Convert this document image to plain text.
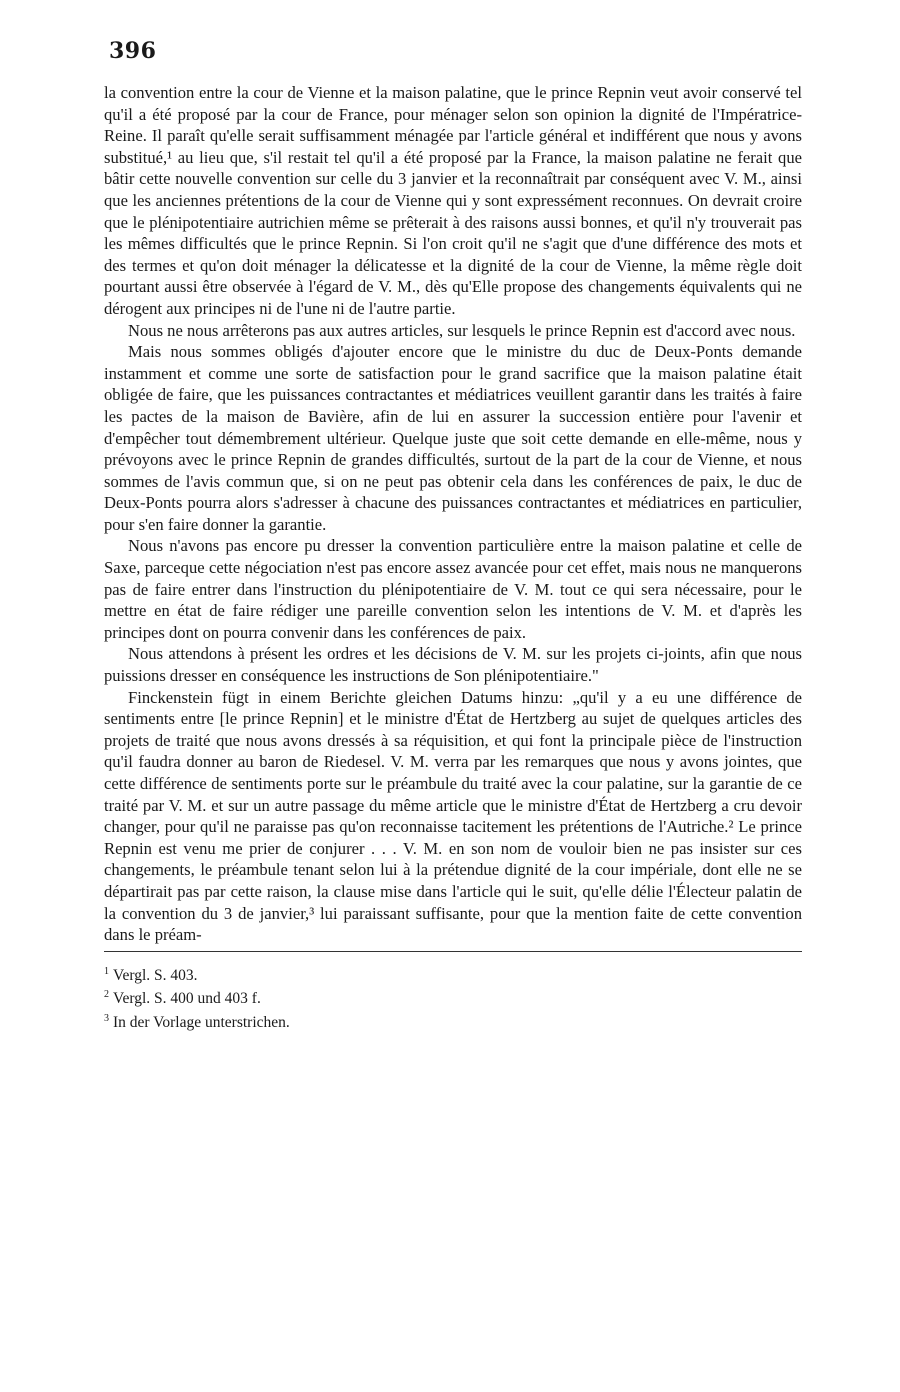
396

la convention entre la cour de Vienne et la maison palatine, que le prince Repnin veut avoir conservé tel qu'il a été proposé par la cour de France, pour ménager selon son opinion la dignité de l'Impératrice-Reine. Il paraît qu'elle serait suffisamment ménagée par l'article général et indifférent que nous y avons substitué,¹ au lieu que, s'il restait tel qu'il a été proposé par la France, la maison palatine ne ferait que bâtir cette nouvelle convention sur celle du 3 janvier et la reconnaîtrait par conséquent avec V. M., ainsi que les anciennes prétentions de la cour de Vienne qui y sont expressément reconnues. On devrait croire que le plénipotentiaire autrichien même se prêterait à des raisons aussi bonnes, et qu'il n'y trouverait pas les mêmes difficultés que le prince Repnin. Si l'on croit qu'il ne s'agit que d'une différence des mots et des termes et qu'on doit ménager la délicatesse et la dignité de la cour de Vienne, la même règle doit pourtant aussi être observée à l'égard de V. M., dès qu'Elle propose des changements équivalents qui ne dérogent aux principes ni de l'une ni de l'autre partie.

Nous ne nous arrêterons pas aux autres articles, sur lesquels le prince Repnin est d'accord avec nous.

Mais nous sommes obligés d'ajouter encore que le ministre du duc de Deux-Ponts demande instamment et comme une sorte de satisfaction pour le grand sacrifice que la maison palatine était obligée de faire, que les puissances contractantes et médiatrices veuillent garantir dans les traités à faire les pactes de la maison de Bavière, afin de lui en assurer la succession entière pour l'avenir et d'empêcher tout démembrement ultérieur. Quelque juste que soit cette demande en elle-même, nous y prévoyons avec le prince Repnin de grandes difficultés, surtout de la part de la cour de Vienne, et nous sommes de l'avis commun que, si on ne peut pas obtenir cela dans les conférences de paix, le duc de Deux-Ponts pourra alors s'adresser à chacune des puissances contractantes et médiatrices en particulier, pour s'en faire donner la garantie.

Nous n'avons pas encore pu dresser la convention particulière entre la maison palatine et celle de Saxe, parceque cette négociation n'est pas encore assez avancée pour cet effet, mais nous ne manquerons pas de faire entrer dans l'instruction du plénipotentiaire de V. M. tout ce qui sera nécessaire, pour le mettre en état de faire rédiger une pareille convention selon les intentions de V. M. et d'après les principes dont on pourra convenir dans les conférences de paix.

Nous attendons à présent les ordres et les décisions de V. M. sur les projets ci-joints, afin que nous puissions dresser en conséquence les instructions de Son plénipotentiaire."

Finckenstein fügt in einem Berichte gleichen Datums hinzu: „qu'il y a eu une différence de sentiments entre [le prince Repnin] et le ministre d'État de Hertzberg au sujet de quelques articles des projets de traité que nous avons dressés à sa réquisition, et qui font la principale pièce de l'instruction qu'il faudra donner au baron de Riedesel. V. M. verra par les remarques que nous y avons jointes, que cette différence de sentiments porte sur le préambule du traité avec la cour palatine, sur la garantie de ce traité par V. M. et sur un autre passage du même article que le ministre d'État de Hertzberg a cru devoir changer, pour qu'il ne paraisse pas qu'on reconnaisse tacitement les prétentions de l'Autriche.² Le prince Repnin est venu me prier de conjurer . . . V. M. en son nom de vouloir bien ne pas insister sur ces changements, le préambule tenant selon lui à la prétendue dignité de la cour impériale, dont elle ne se départirait pas par cette raison, la clause mise dans l'article qui le suit, qu'elle délie l'Électeur palatin de la convention du 3 de janvier,³ lui paraissant suffisante, pour que la mention faite de cette convention dans le préam-

$^1$ Vergl. S. 403.

$^2$ Vergl. S. 400 und 403 f.

$^3$ In der Vorlage unterstrichen.
